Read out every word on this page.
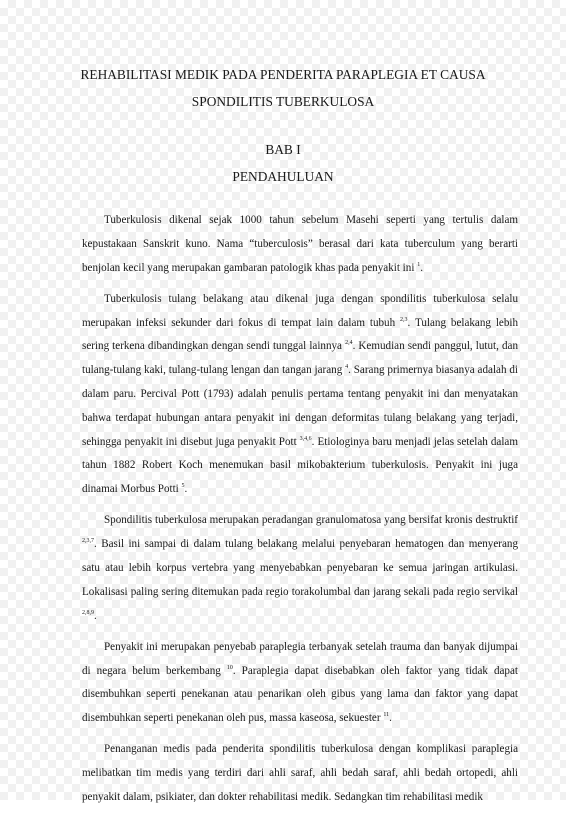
REHABILITASI MEDIK PADA PENDERITA PARAPLEGIA ET CAUSA
SPONDILITIS TUBERKULOSA
BAB I
PENDAHULUAN

Tuberkulosis dikenal sejak 1000 tahun sebelum Masehi seperti yang tertulis dalam kepustakaan Sanskrit kuno. Nama “tuberculosis” berasal dari kata tuberculum yang berarti benjolan kecil yang merupakan gambaran patologik khas pada penyakit ini $^1$.

Tuberkulosis tulang belakang atau dikenal juga dengan spondilitis tuberkulosa selalu merupakan infeksi sekunder dari fokus di tempat lain dalam tubuh $^{2,3}$. Tulang belakang lebih sering terkena dibandingkan dengan sendi tunggal lainnya $^{2,4}$. Kemudian sendi panggul, lutut, dan tulang-tulang kaki, tulang-tulang lengan dan tangan jarang $^4$. Sarang primernya biasanya adalah di dalam paru. Percival Pott (1793) adalah penulis pertama tentang penyakit ini dan menyatakan bahwa terdapat hubungan antara penyakit ini dengan deformitas tulang belakang yang terjadi, sehingga penyakit ini disebut juga penyakit Pott $^{3,4,6}$. Etiologinya baru menjadi jelas setelah dalam tahun 1882 Robert Koch menemukan basil mikobakterium tuberkulosis. Penyakit ini juga dinamai Morbus Potti $^5$.

Spondilitis tuberkulosa merupakan peradangan granulomatosa yang bersifat kronis destruktif $^{2,3,7}$. Basil ini sampai di dalam tulang belakang melalui penyebaran hematogen dan menyerang satu atau lebih korpus vertebra yang menyebabkan penyebaran ke semua jaringan artikulasi. Lokalisasi paling sering ditemukan pada regio torakolumbal dan jarang sekali pada regio servikal $^{2,8,9}$.

Penyakit ini merupakan penyebab paraplegia terbanyak setelah trauma dan banyak dijumpai di negara belum berkembang $^{10}$. Paraplegia dapat disebabkan oleh faktor yang tidak dapat disembuhkan seperti penekanan atau penarikan oleh gibus yang lama dan faktor yang dapat disembuhkan seperti penekanan oleh pus, massa kaseosa, sekuester $^{11}$.

Penanganan medis pada penderita spondilitis tuberkulosa dengan komplikasi paraplegia melibatkan tim medis yang terdiri dari ahli saraf, ahli bedah saraf, ahli bedah ortopedi, ahli penyakit dalam, psikiater, dan dokter rehabilitasi medik. Sedangkan tim rehabilitasi medik
